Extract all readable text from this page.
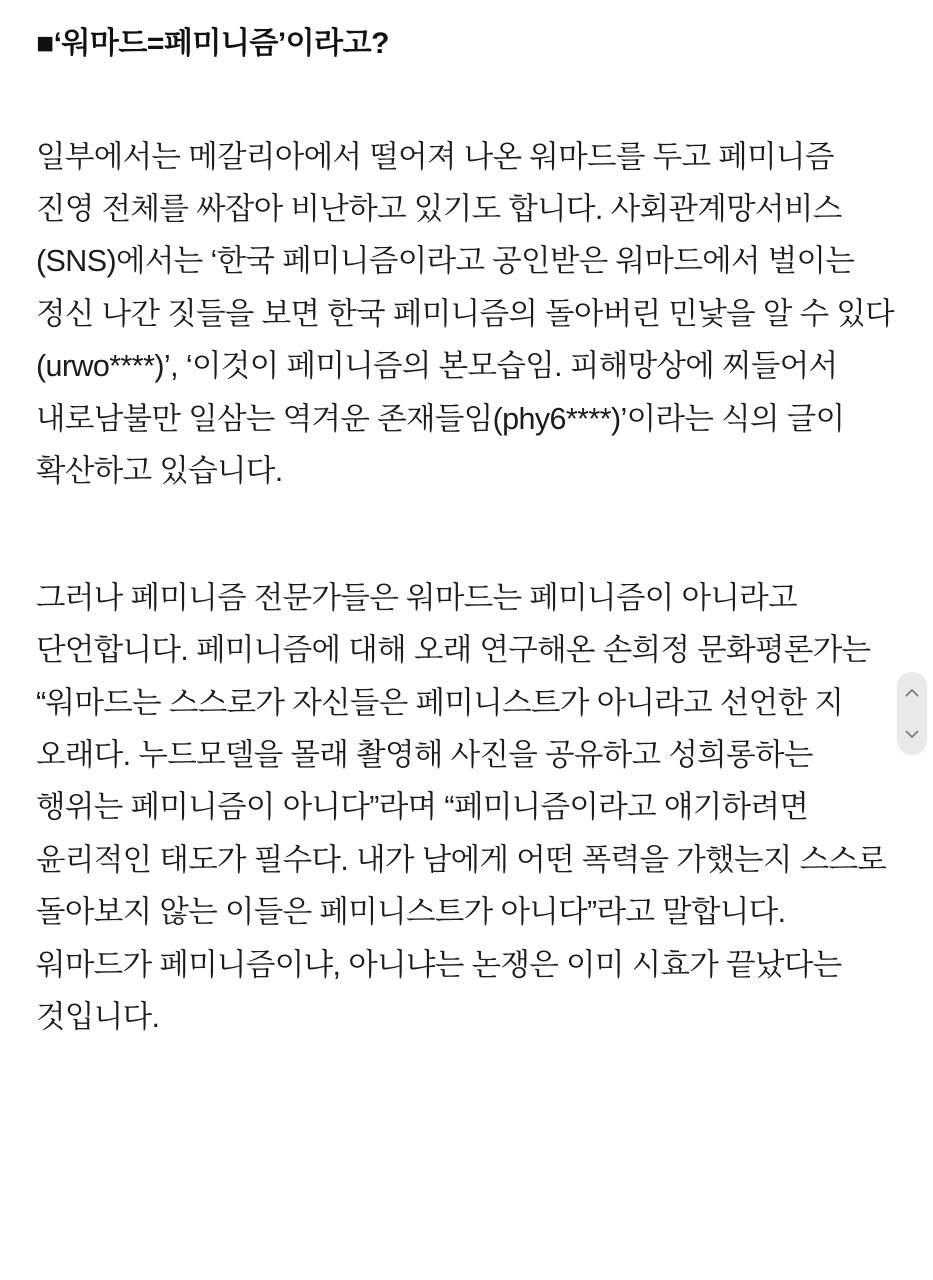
■‘워마드=페미니즘’이라고?

일부에서는 메갈리아에서 떨어져 나온 워마드를 두고 페미니즘 진영 전체를 싸잡아 비난하고 있기도 합니다. 사회관계망서비스(SNS)에서는 ‘한국 페미니즘이라고 공인받은 워마드에서 벌이는 정신 나간 짓들을 보면 한국 페미니즘의 돌아버린 민낯을 알 수 있다(urwo****)’, ‘이것이 페미니즘의 본모습임. 피해망상에 찌들어서 내로남불만 일삼는 역겨운 존재들임(phy6****)’이라는 식의 글이 확산하고 있습니다.

그러나 페미니즘 전문가들은 워마드는 페미니즘이 아니라고 단언합니다. 페미니즘에 대해 오래 연구해온 손희정 문화평론가는 “워마드는 스스로가 자신들은 페미니스트가 아니라고 선언한 지 오래다. 누드모델을 몰래 촬영해 사진을 공유하고 성희롱하는 행위는 페미니즘이 아니다”라며 “페미니즘이라고 얘기하려면 윤리적인 태도가 필수다. 내가 남에게 어떤 폭력을 가했는지 스스로 돌아보지 않는 이들은 페미니스트가 아니다”라고 말합니다. 워마드가 페미니즘이냐, 아니냐는 논쟁은 이미 시효가 끝났다는 것입니다.
